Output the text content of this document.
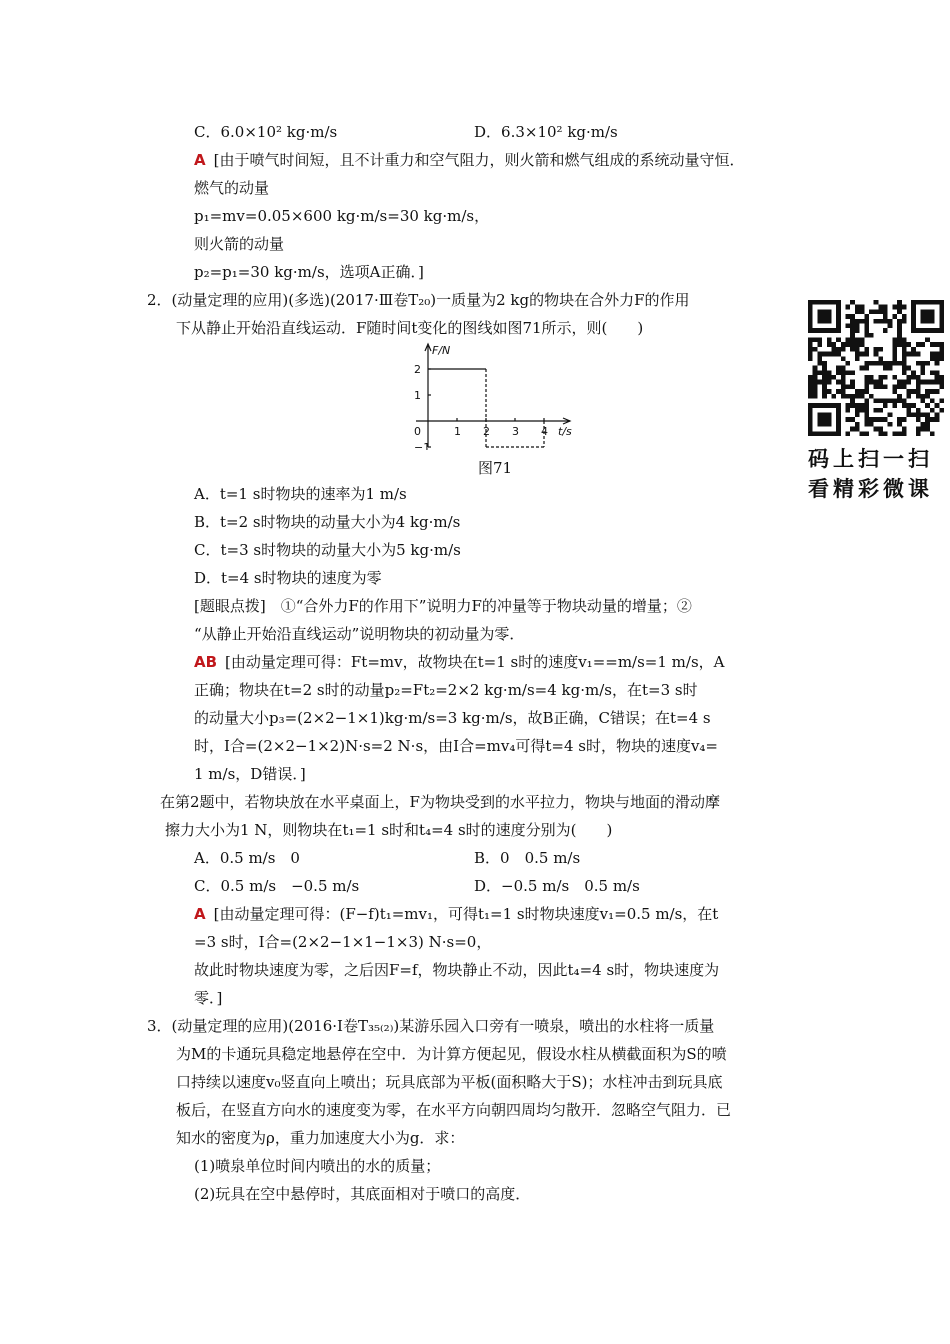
C．6.0×10² kg·m/s	D．6.3×10² kg·m/s
A [由于喷气时间短，且不计重力和空气阻力，则火箭和燃气组成的系统动量守恒．
燃气的动量
p₁=mv=0.05×600 kg·m/s=30 kg·m/s，
则火箭的动量
p₂=p₁=30 kg·m/s，选项A正确．]
2．(动量定理的应用)(多选)(2017·Ⅲ卷T₂₀)一质量为2 kg的物块在合外力F的作用
下从静止开始沿直线运动．F随时间t变化的图线如图71所示，则(　　)
F/N
t/s
2
1
0
−1
1 2 3 4
图71
A．t=1 s时物块的速率为1 m/s
B．t=2 s时物块的动量大小为4 kg·m/s
C．t=3 s时物块的动量大小为5 kg·m/s
D．t=4 s时物块的速度为零
[题眼点拨]　①“合外力F的作用下”说明力F的冲量等于物块动量的增量；②
“从静止开始沿直线运动”说明物块的初动量为零．
AB [由动量定理可得：Ft=mv，故物块在t=1 s时的速度v₁==m/s=1 m/s，A
正确；物块在t=2 s时的动量p₂=Ft₂=2×2 kg·m/s=4 kg·m/s，在t=3 s时
的动量大小p₃=(2×2−1×1)kg·m/s=3 kg·m/s，故B正确，C错误；在t=4 s
时，I合=(2×2−1×2)N·s=2 N·s，由I合=mv₄可得t=4 s时，物块的速度v₄=
1 m/s，D错误．]
在第2题中，若物块放在水平桌面上，F为物块受到的水平拉力，物块与地面的滑动摩
擦力大小为1 N，则物块在t₁=1 s时和t₄=4 s时的速度分别为(　　)
A．0.5 m/s　0	B．0　0.5 m/s
C．0.5 m/s　−0.5 m/s	D．−0.5 m/s　0.5 m/s
A [由动量定理可得：(F−f)t₁=mv₁，可得t₁=1 s时物块速度v₁=0.5 m/s，在t
=3 s时，I合=(2×2−1×1−1×3) N·s=0，
故此时物块速度为零，之后因F=f，物块静止不动，因此t₄=4 s时，物块速度为
零．]
3．(动量定理的应用)(2016·Ⅰ卷T₃₅₍₂₎)某游乐园入口旁有一喷泉，喷出的水柱将一质量
为M的卡通玩具稳定地悬停在空中．为计算方便起见，假设水柱从横截面积为S的喷
口持续以速度v₀竖直向上喷出；玩具底部为平板(面积略大于S)；水柱冲击到玩具底
板后，在竖直方向水的速度变为零，在水平方向朝四周均匀散开．忽略空气阻力．已
知水的密度为ρ，重力加速度大小为g．求：
(1)喷泉单位时间内喷出的水的质量；
(2)玩具在空中悬停时，其底面相对于喷口的高度．
码上扫一扫
看精彩微课
